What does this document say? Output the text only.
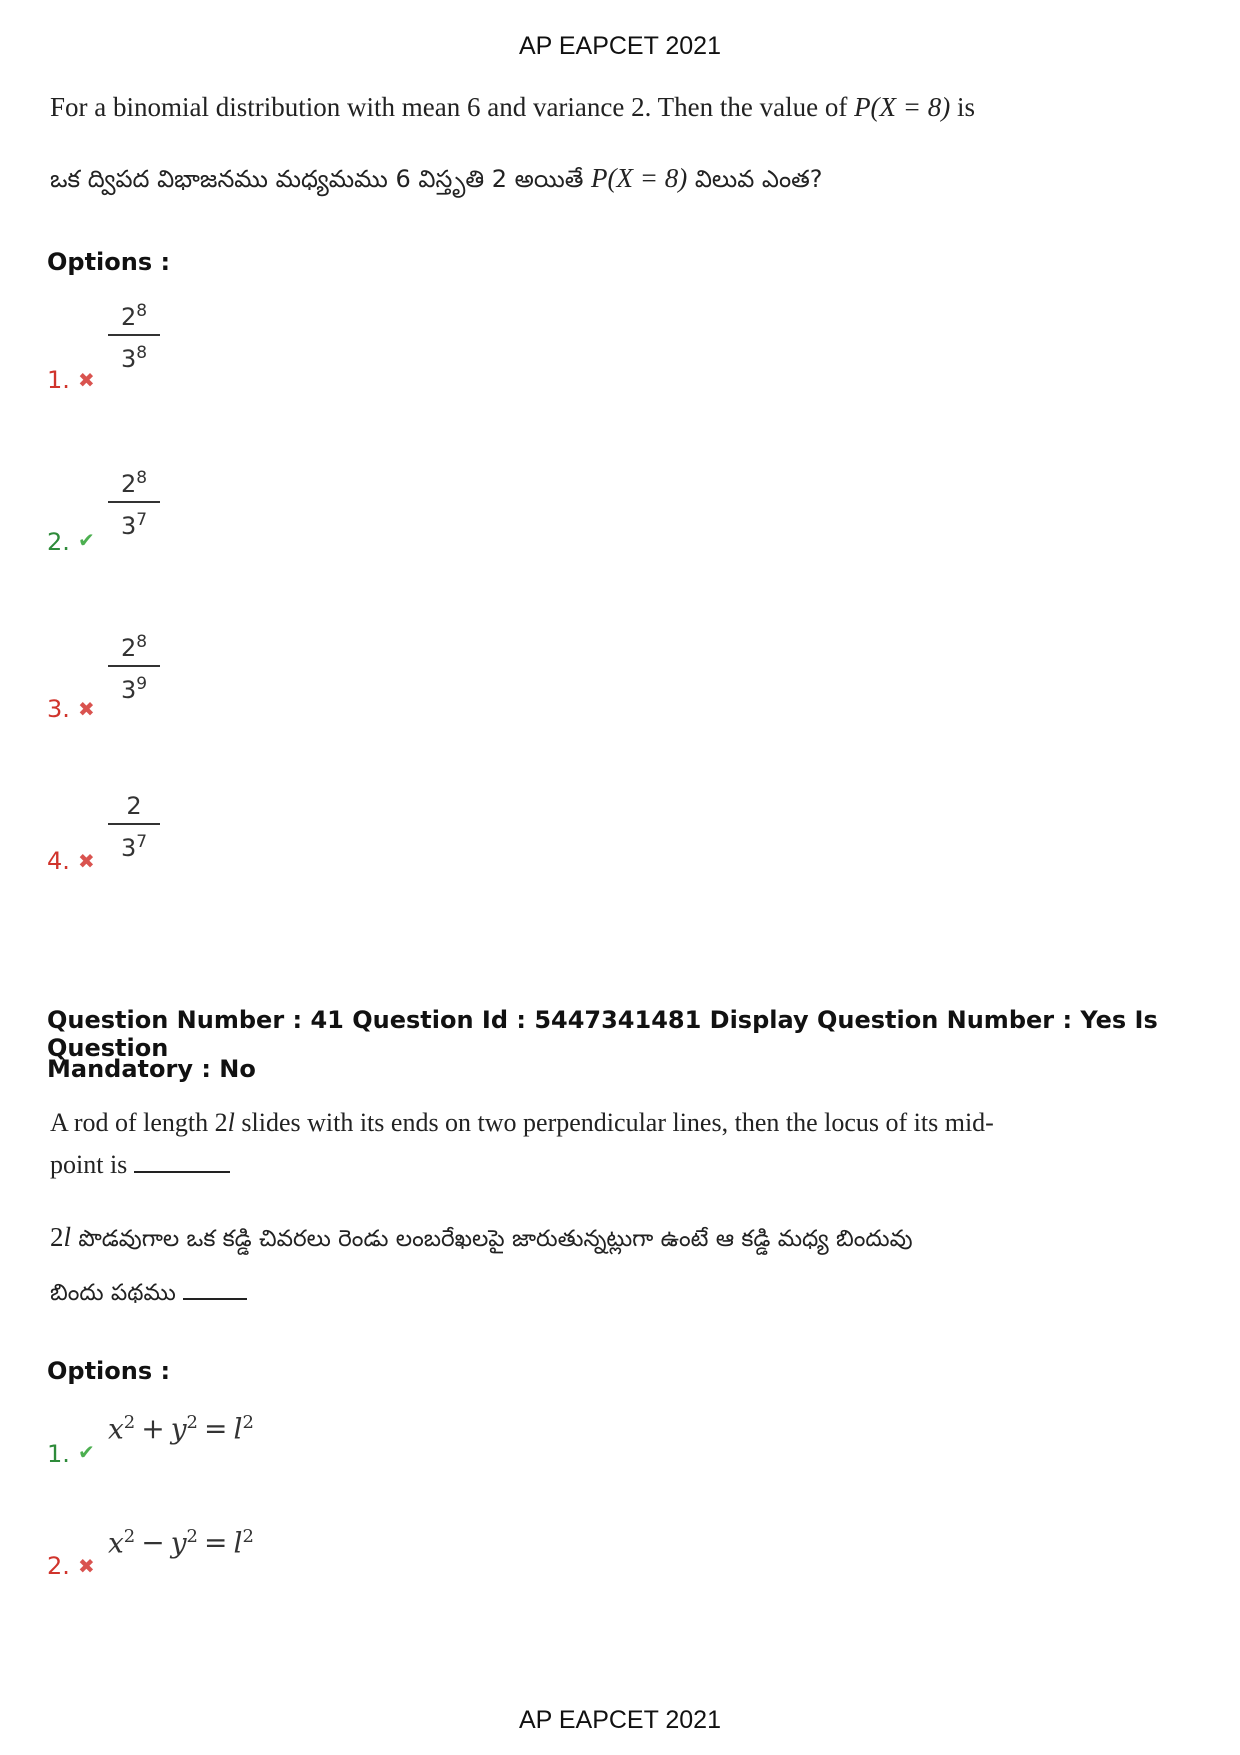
AP EAPCET 2021
For a binomial distribution with mean 6 and variance 2. Then the value of P(X = 8) is
ఒక ద్విపద విభాజనము మధ్యమము 6 విస్తృతి 2 అయితే P(X = 8) విలువ ఎంత?
Options :
1. ✖
$2^8$
$3^8$
2. ✔
$2^8$
$3^7$
3. ✖
$2^8$
$3^9$
4. ✖
2
$3^7$
Question Number : 41 Question Id : 5447341481 Display Question Number : Yes Is Question
Mandatory : No
A rod of length 2l slides with its ends on two perpendicular lines, then the locus of its mid-
point is
2l పొడవుగాల ఒక కడ్డి చివరలు రెండు లంబరేఖలపై జారుతున్నట్లుగా ఉంటే ఆ కడ్డి మధ్య బిందువు
బిందు పథము
Options :
1. ✔
$x^2 + y^2 = l^2$
2. ✖
$x^2 - y^2 = l^2$
AP EAPCET 2021
